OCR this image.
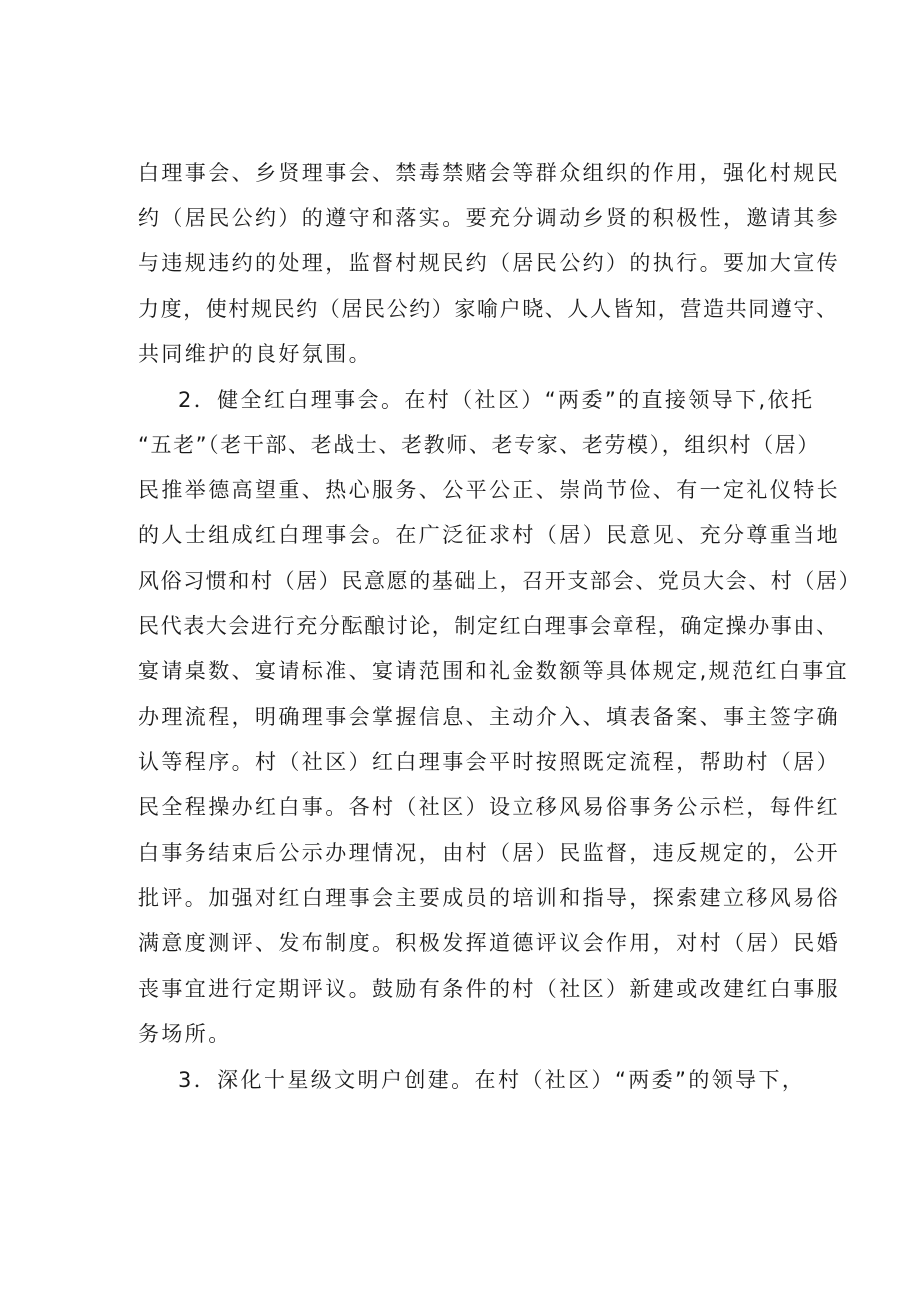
白理事会、乡贤理事会、禁毒禁赌会等群众组织的作用，强化村规民
约（居民公约）的遵守和落实。要充分调动乡贤的积极性，邀请其参
与违规违约的处理，监督村规民约（居民公约）的执行。要加大宣传
力度，使村规民约（居民公约）家喻户晓、人人皆知，营造共同遵守、
共同维护的良好氛围。
2．健全红白理事会。在村（社区）“两委”的直接领导下,依托
“五老”（老干部、老战士、老教师、老专家、老劳模），组织村（居）
民推举德高望重、热心服务、公平公正、崇尚节俭、有一定礼仪特长
的人士组成红白理事会。在广泛征求村（居）民意见、充分尊重当地
风俗习惯和村（居）民意愿的基础上，召开支部会、党员大会、村（居）
民代表大会进行充分酝酿讨论，制定红白理事会章程，确定操办事由、
宴请桌数、宴请标准、宴请范围和礼金数额等具体规定,规范红白事宜
办理流程，明确理事会掌握信息、主动介入、填表备案、事主签字确
认等程序。村（社区）红白理事会平时按照既定流程，帮助村（居）
民全程操办红白事。各村（社区）设立移风易俗事务公示栏，每件红
白事务结束后公示办理情况，由村（居）民监督，违反规定的，公开
批评。加强对红白理事会主要成员的培训和指导，探索建立移风易俗
满意度测评、发布制度。积极发挥道德评议会作用，对村（居）民婚
丧事宜进行定期评议。鼓励有条件的村（社区）新建或改建红白事服
务场所。
3．深化十星级文明户创建。在村（社区）“两委”的领导下，
